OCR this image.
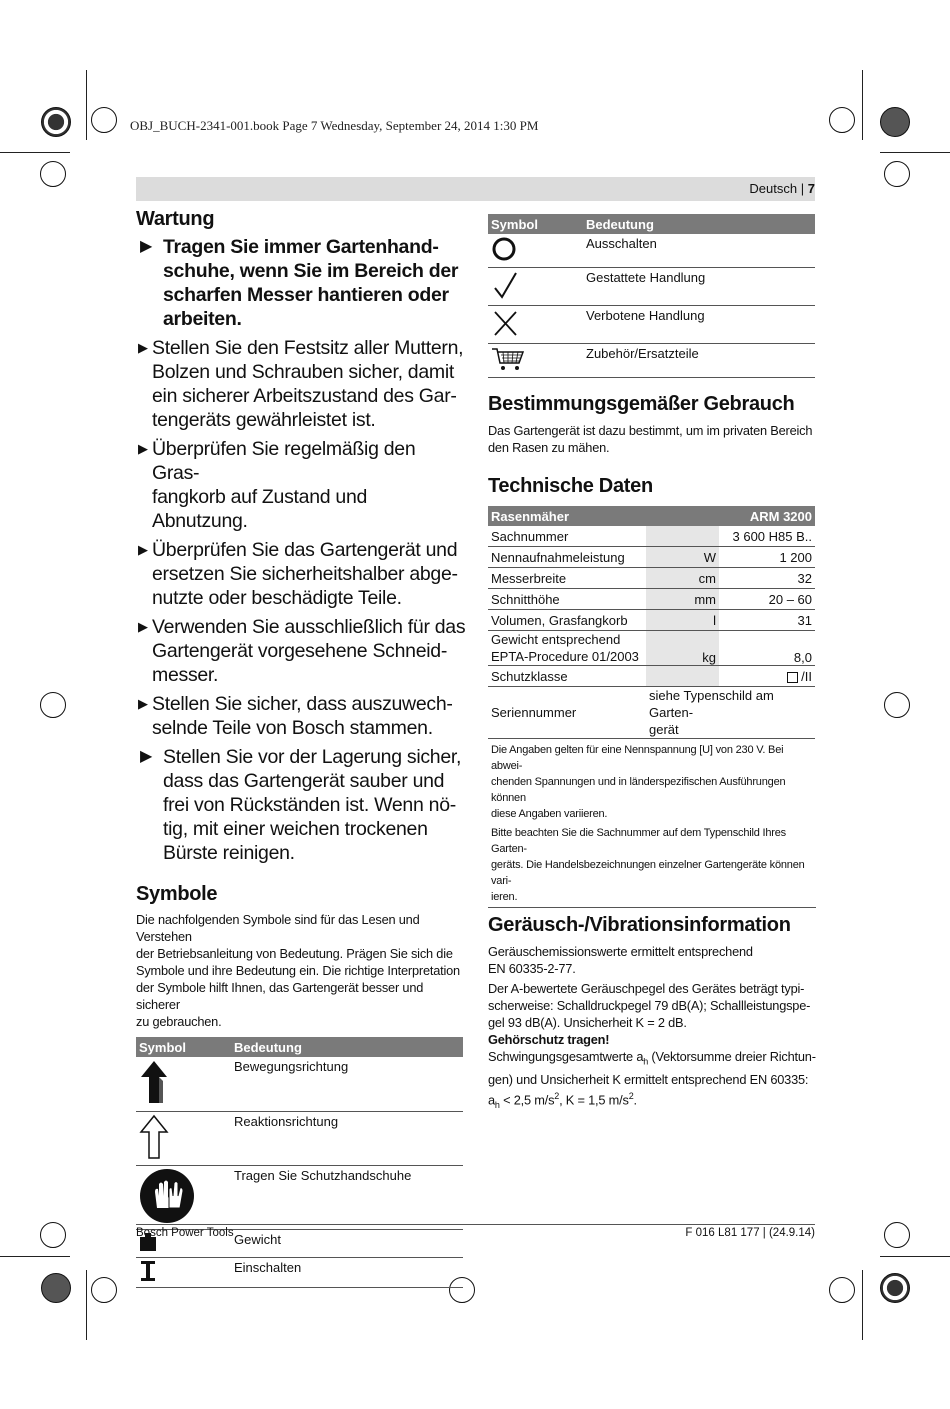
OBJ_BUCH-2341-001.book Page 7 Wednesday, September 24, 2014 1:30 PM
Deutsch | 7
Wartung
▶ Tragen Sie immer Gartenhand-
schuhe, wenn Sie im Bereich der
scharfen Messer hantieren oder
arbeiten.
▶ Stellen Sie den Festsitz aller Muttern,
Bolzen und Schrauben sicher, damit
ein sicherer Arbeitszustand des Gar-
tengeräts gewährleistet ist.
▶ Überprüfen Sie regelmäßig den Gras-
fangkorb auf Zustand und Abnutzung.
▶ Überprüfen Sie das Gartengerät und
ersetzen Sie sicherheitshalber abge-
nutzte oder beschädigte Teile.
▶ Verwenden Sie ausschließlich für das
Gartengerät vorgesehene Schneid-
messer.
▶ Stellen Sie sicher, dass auszuwech-
selnde Teile von Bosch stammen.
▶ Stellen Sie vor der Lagerung sicher,
dass das Gartengerät sauber und
frei von Rückständen ist. Wenn nö-
tig, mit einer weichen trockenen
Bürste reinigen.
Symbole

Die nachfolgenden Symbole sind für das Lesen und Verstehen

der Betriebsanleitung von Bedeutung. Prägen Sie sich die

Symbole und ihre Bedeutung ein. Die richtige Interpretation

der Symbole hilft Ihnen, das Gartengerät besser und sicherer

zu gebrauchen.

Symbol	Bedeutung
	Bewegungsrichtung
	Reaktionsrichtung
	Tragen Sie Schutzhandschuhe
	Gewicht
	Einschalten
Symbol	Bedeutung
	Ausschalten
	Gestattete Handlung
	Verbotene Handlung
	Zubehör/Ersatzteile
Bestimmungsgemäßer Gebrauch

Das Gartengerät ist dazu bestimmt, um im privaten Bereich

den Rasen zu mähen.

Technische Daten
Rasenmäher		ARM 3200
Sachnummer		3 600 H85 B..
Nennaufnahmeleistung	W	1 200
Messerbreite	cm	32
Schnitthöhe	mm	20 – 60
Volumen, Grasfangkorb	l	31
Gewicht entsprechend
EPTA-Procedure 01/2003	kg	8,0
Schutzklasse		/II
Seriennummer	siehe Typenschild am Garten-
gerät	
Die Angaben gelten für eine Nennspannung [U] von 230 V. Bei abwei-
chenden Spannungen und in länderspezifischen Ausführungen können
diese Angaben variieren.
Bitte beachten Sie die Sachnummer auf dem Typenschild Ihres Garten-
geräts. Die Handelsbezeichnungen einzelner Gartengeräte können vari-
ieren.
Geräusch-/Vibrationsinformation

Geräuschemissionswerte ermittelt entsprechend

EN 60335-2-77.

Der A-bewertete Geräuschpegel des Gerätes beträgt typi-

scherweise: Schalldruckpegel 79 dB(A); Schallleistungspe-

gel 93 dB(A). Unsicherheit K = 2 dB.

Gehörschutz tragen!

Schwingungsgesamtwerte $a_h$ (Vektorsumme dreier Richtun-

gen) und Unsicherheit K ermittelt entsprechend EN 60335:

$a_h < 2,5$ $m/s^2$, K = 1,5 $m/s^2$.

Bosch Power Tools	F 016 L81 177 | (24.9.14)
